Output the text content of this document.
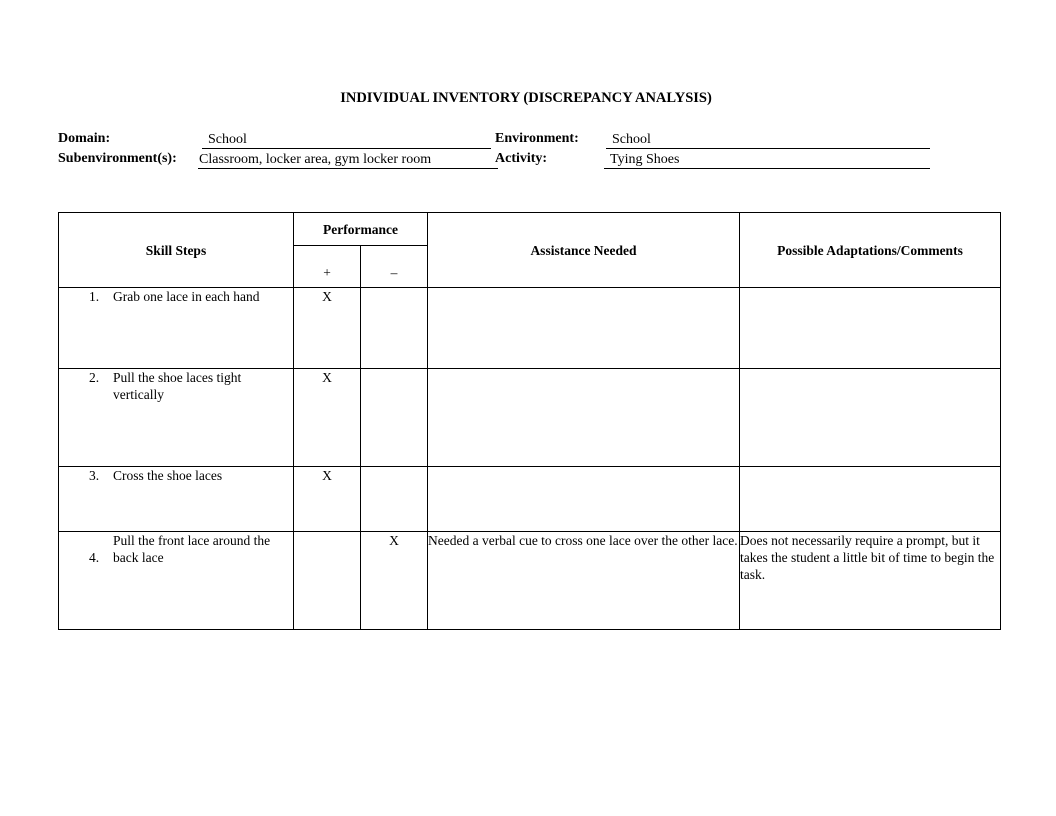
INDIVIDUAL INVENTORY (DISCREPANCY ANALYSIS)
Domain:	School	Environment:	School
Subenvironment(s): Classroom, locker area, gym locker room	Activity:	Tying Shoes
Skill Steps	Performance		Assistance Needed	Possible Adaptations/Comments
	+	–		

1. Grab one lace in each hand	X			

2. Pull the shoe laces tight vertically	X			

3. Cross the shoe laces	X			

4.
Pull the front lace around the back lace		X	Needed a verbal cue to cross one lace over the other lace.	Does not necessarily require a prompt, but it takes the student a little bit of time to begin the task.
